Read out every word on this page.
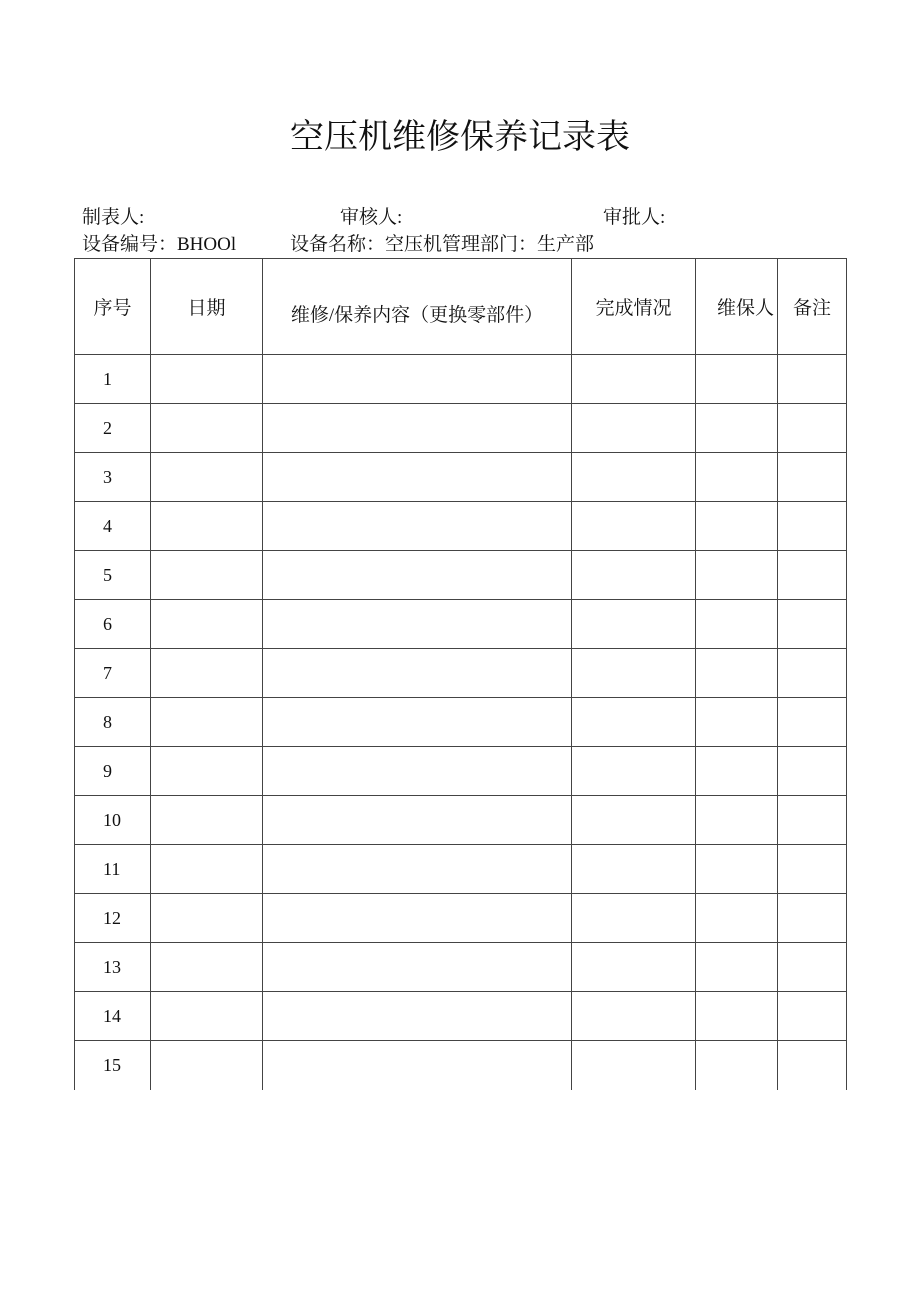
空压机维修保养记录表
制表人:	审核人:	审批人:
设备编号：BHOOl	设备名称：空压机管理部门：生产部
序号	日期	维修/保养内容（更换零部件）	完成情况	维保人 备注
1
2
3
4
5
6
7
8
9
10
11
12
13
14
15
